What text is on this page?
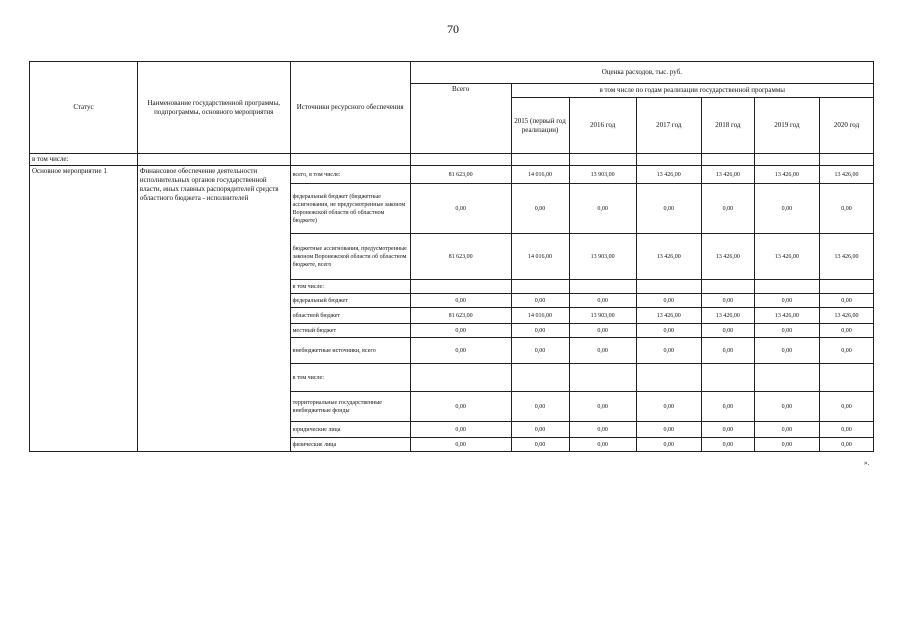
70
Статус	Наименование государственной программы, подпрограммы, основного мероприятия	Источники ресурсного обеспечения	Оценка расходов, тыс. руб.						
			Всего	в том числе по годам реализации государственной программы					
				2015 (первый год реализации)	2016 год	2017 год	2018 год	2019 год	2020 год
в том числе:									
Основное мероприятие 1	Финансовое обеспечение деятельности исполнительных органов государственной власти, иных главных распорядителей средств областного бюджета - исполнителей	всего, в том числе:	81 623,00	14 016,00	13 903,00	13 426,00	13 426,00	13 426,00	13 426,00
		федеральный бюджет (бюджетные ассигнования, не предусмотренные законом Воронежской области об областном бюджете)	0,00	0,00	0,00	0,00	0,00	0,00	0,00
		бюджетные ассигнования, предусмотренные законом Воронежской области об областном бюджете, всего	81 623,00	14 016,00	13 903,00	13 426,00	13 426,00	13 426,00	13 426,00
		в том числе:							
		федеральный бюджет	0,00	0,00	0,00	0,00	0,00	0,00	0,00
		областной бюджет	81 623,00	14 016,00	13 903,00	13 426,00	13 426,00	13 426,00	13 426,00
		местный бюджет	0,00	0,00	0,00	0,00	0,00	0,00	0,00
		внебюджетные источники, всего	0,00	0,00	0,00	0,00	0,00	0,00	0,00
		в том числе:							
		территориальные государственные внебюджетные фонды	0,00	0,00	0,00	0,00	0,00	0,00	0,00
		юридические лица	0,00	0,00	0,00	0,00	0,00	0,00	0,00
		физические лица	0,00	0,00	0,00	0,00	0,00	0,00	0,00
».
